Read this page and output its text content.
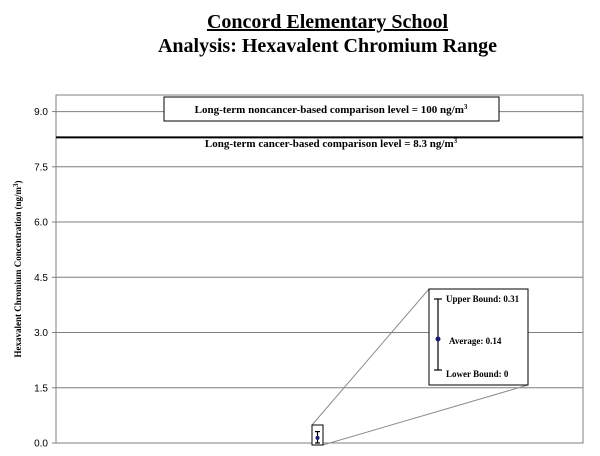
Concord Elementary School
Analysis: Hexavalent Chromium Range
0.0
1.5
3.0
4.5
6.0
7.5
9.0
Hexavalent Chromium Concentration (ng/m$^3$)
Long-term noncancer-based comparison level = 100 ng/m$^3$
Long-term cancer-based comparison level = 8.3 ng/m$^3$
Upper Bound: 0.31
Average: 0.14
Lower Bound: 0
